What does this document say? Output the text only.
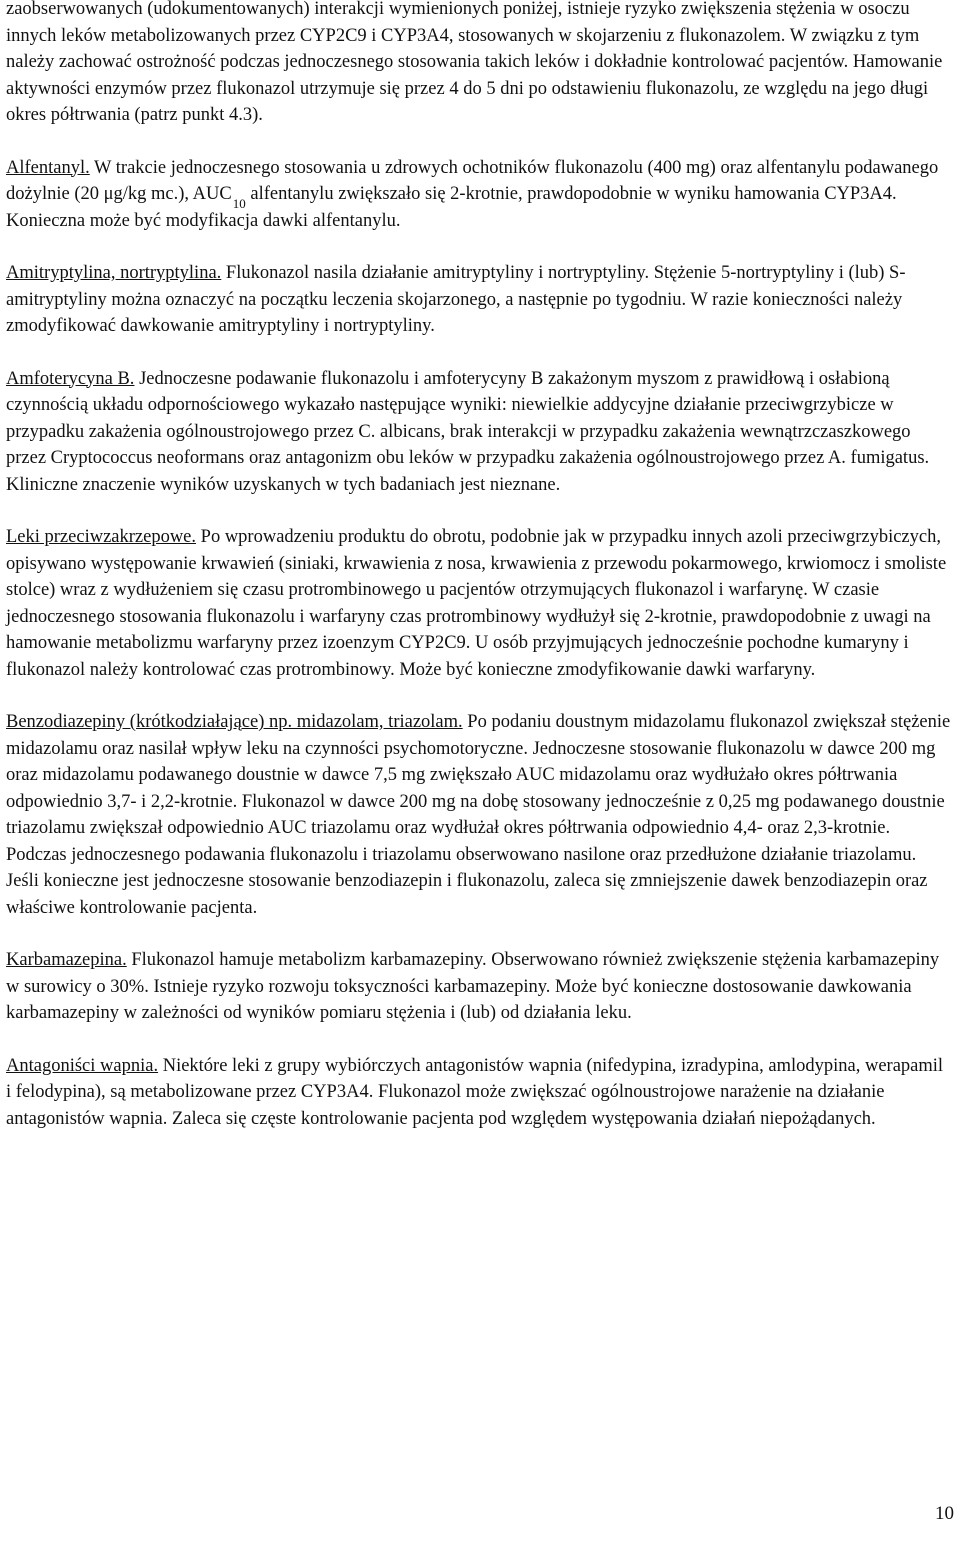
zaobserwowanych (udokumentowanych) interakcji wymienionych poniżej, istnieje ryzyko zwiększenia stężenia w osoczu innych leków metabolizowanych przez CYP2C9 i CYP3A4, stosowanych w skojarzeniu z flukonazolem. W związku z tym należy zachować ostrożność podczas jednoczesnego stosowania takich leków i dokładnie kontrolować pacjentów. Hamowanie aktywności enzymów przez flukonazol utrzymuje się przez 4 do 5 dni po odstawieniu flukonazolu, ze względu na jego długi okres półtrwania (patrz punkt 4.3).

Alfentanyl. W trakcie jednoczesnego stosowania u zdrowych ochotników flukonazolu (400 mg) oraz alfentanylu podawanego dożylnie (20 μg/kg mc.), $AUC_{10}$ alfentanylu zwiększało się 2-krotnie, prawdopodobnie w wyniku hamowania CYP3A4. Konieczna może być modyfikacja dawki alfentanylu.

Amitryptylina, nortryptylina. Flukonazol nasila działanie amitryptyliny i nortryptyliny. Stężenie 5-nortryptyliny i (lub) S-amitryptyliny można oznaczyć na początku leczenia skojarzonego, a następnie po tygodniu. W razie konieczności należy zmodyfikować dawkowanie amitryptyliny i nortryptyliny.

Amfoterycyna B. Jednoczesne podawanie flukonazolu i amfoterycyny B zakażonym myszom z prawidłową i osłabioną czynnością układu odpornościowego wykazało następujące wyniki: niewielkie addycyjne działanie przeciwgrzybicze w przypadku zakażenia ogólnoustrojowego przez C. albicans, brak interakcji w przypadku zakażenia wewnątrzczaszkowego przez Cryptococcus neoformans oraz antagonizm obu leków w przypadku zakażenia ogólnoustrojowego przez A. fumigatus. Kliniczne znaczenie wyników uzyskanych w tych badaniach jest nieznane.

Leki przeciwzakrzepowe. Po wprowadzeniu produktu do obrotu, podobnie jak w przypadku innych azoli przeciwgrzybiczych, opisywano występowanie krwawień (siniaki, krwawienia z nosa, krwawienia z przewodu pokarmowego, krwiomocz i smoliste stolce) wraz z wydłużeniem się czasu protrombinowego u pacjentów otrzymujących flukonazol i warfarynę. W czasie jednoczesnego stosowania flukonazolu i warfaryny czas protrombinowy wydłużył się 2-krotnie, prawdopodobnie z uwagi na hamowanie metabolizmu warfaryny przez izoenzym CYP2C9. U osób przyjmujących jednocześnie pochodne kumaryny i flukonazol należy kontrolować czas protrombinowy. Może być konieczne zmodyfikowanie dawki warfaryny.

Benzodiazepiny (krótkodziałające) np. midazolam, triazolam. Po podaniu doustnym midazolamu flukonazol zwiększał stężenie midazolamu oraz nasilał wpływ leku na czynności psychomotoryczne. Jednoczesne stosowanie flukonazolu w dawce 200 mg oraz midazolamu podawanego doustnie w dawce 7,5 mg zwiększało AUC midazolamu oraz wydłużało okres półtrwania odpowiednio 3,7- i 2,2-krotnie. Flukonazol w dawce 200 mg na dobę stosowany jednocześnie z 0,25 mg podawanego doustnie triazolamu zwiększał odpowiednio AUC triazolamu oraz wydłużał okres półtrwania odpowiednio 4,4- oraz 2,3-krotnie. Podczas jednoczesnego podawania flukonazolu i triazolamu obserwowano nasilone oraz przedłużone działanie triazolamu. Jeśli konieczne jest jednoczesne stosowanie benzodiazepin i flukonazolu, zaleca się zmniejszenie dawek benzodiazepin oraz właściwe kontrolowanie pacjenta.

Karbamazepina. Flukonazol hamuje metabolizm karbamazepiny. Obserwowano również zwiększenie stężenia karbamazepiny w surowicy o 30%. Istnieje ryzyko rozwoju toksyczności karbamazepiny. Może być konieczne dostosowanie dawkowania karbamazepiny w zależności od wyników pomiaru stężenia i (lub) od działania leku.

Antagoniści wapnia. Niektóre leki z grupy wybiórczych antagonistów wapnia (nifedypina, izradypina, amlodypina, werapamil i felodypina), są metabolizowane przez CYP3A4. Flukonazol może zwiększać ogólnoustrojowe narażenie na działanie antagonistów wapnia. Zaleca się częste kontrolowanie pacjenta pod względem występowania działań niepożądanych.

10
